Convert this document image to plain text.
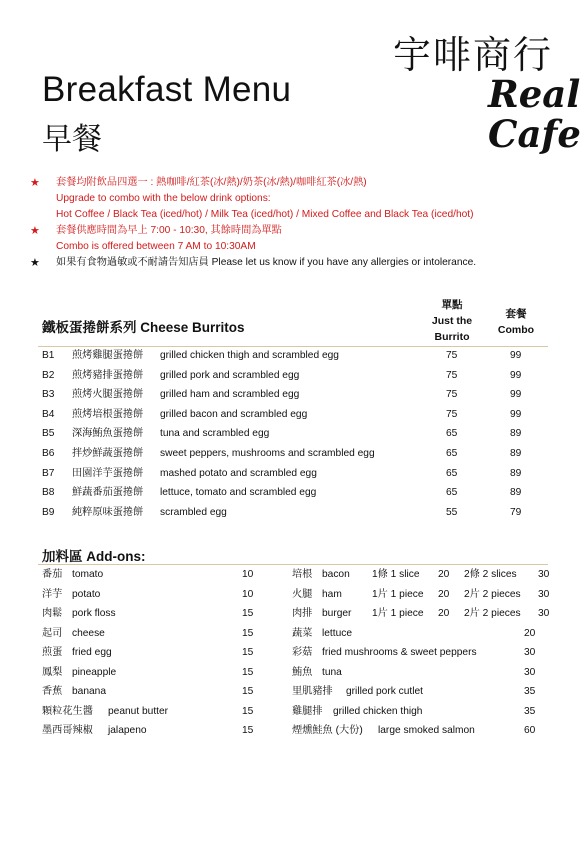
Breakfast Menu
早餐
宇啡商行
Real
Cafe
★ 套餐均附飲品四選一 : 熱咖啡/紅茶(冰/熱)/奶茶(冰/熱)/咖啡紅茶(冰/熱)
Upgrade to combo with the below drink options:
Hot Coffee / Black Tea (iced/hot) / Milk Tea (iced/hot) / Mixed Coffee and Black Tea (iced/hot)
★ 套餐供應時間為早上 7:00 - 10:30, 其餘時間為單點
Combo is offered between 7 AM to 10:30AM
★ 如果有食物過敏或不耐請告知店員 Please let us know if you have any allergies or intolerance.
鐵板蛋捲餅系列 Cheese Burritos
單點
Just the
Burrito
套餐
Combo
B1 煎烤雞腿蛋捲餅 grilled chicken thigh and scrambled egg	75	99
B2 煎烤豬排蛋捲餅 grilled pork and scrambled egg	75	99
B3 煎烤火腿蛋捲餅 grilled ham and scrambled egg	75	99
B4 煎烤培根蛋捲餅 grilled bacon and scrambled egg	75	99
B5 深海鮪魚蛋捲餅 tuna and scrambled egg	65	89
B6 拌炒鮮蔬蛋捲餅 sweet peppers, mushrooms and scrambled egg	65	89
B7 田園洋芋蛋捲餅 mashed potato and scrambled egg	65	89
B8 鮮蔬番茄蛋捲餅 lettuce, tomato and scrambled egg	65	89
B9 純粹原味蛋捲餅 scrambled egg	55	79
加料區 Add-ons:
番茄 tomato	10
洋芋 potato	10
肉鬆 pork floss	15
起司 cheese	15
煎蛋 fried egg	15
鳳梨 pineapple	15
香蕉 banana	15
顆粒花生醬 peanut butter	15
墨西哥辣椒 jalapeno	15
培根 bacon 1條 1 slice 20 2條 2 slices 30
火腿 ham	1片 1 piece 20 2片 2 pieces 30
肉排 burger 1片 1 piece 20 2片 2 pieces 30
蔬菜 lettuce	20
彩菇 fried mushrooms & sweet peppers	30
鮪魚 tuna	30
里肌豬排 grilled pork cutlet	35
雞腿排 grilled chicken thigh	35
煙燻鮭魚 (大份) large smoked salmon	60
